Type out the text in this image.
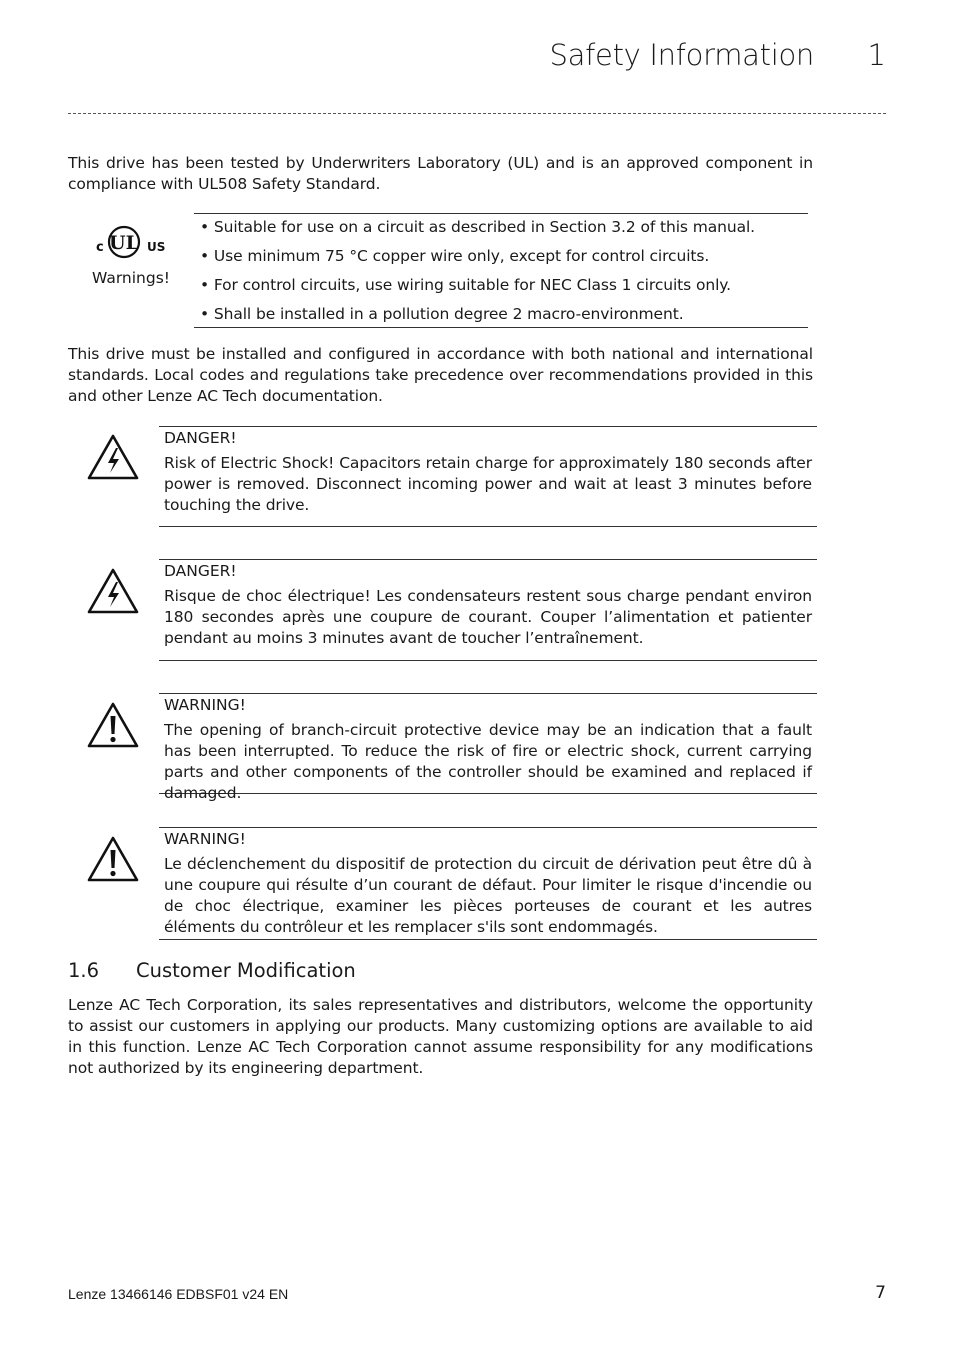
Safety Information 1
This drive has been tested by Underwriters Laboratory (UL) and is an approved component in compliance with UL508 Safety Standard.
c UL US
Warnings!
• Suitable for use on a circuit as described in Section 3.2 of this manual.
• Use minimum 75 °C copper wire only, except for control circuits.
• For control circuits, use wiring suitable for NEC Class 1 circuits only.
• Shall be installed in a pollution degree 2 macro-environment.
This drive must be installed and configured in accordance with both national and international standards. Local codes and regulations take precedence over recommendations provided in this and other Lenze AC Tech documentation.
DANGER!
Risk of Electric Shock! Capacitors retain charge for approximately 180 seconds after power is removed. Disconnect incoming power and wait at least 3 minutes before touching the drive.
DANGER!
Risque de choc électrique! Les condensateurs restent sous charge pendant environ 180 secondes après une coupure de courant. Couper l’alimentation et patienter pendant au moins 3 minutes avant de toucher l’entraînement.
WARNING!
The opening of branch-circuit protective device may be an indication that a fault has been interrupted. To reduce the risk of fire or electric shock, current carrying parts and other components of the controller should be examined and replaced if damaged.
WARNING!
Le déclenchement du dispositif de protection du circuit de dérivation peut être dû à une coupure qui résulte d’un courant de défaut. Pour limiter le risque d'incendie ou de choc électrique, examiner les pièces porteuses de courant et les autres éléments du contrôleur et les remplacer s'ils sont endommagés.
1.6 Customer Modification
Lenze AC Tech Corporation, its sales representatives and distributors, welcome the opportunity to assist our customers in applying our products. Many customizing options are available to aid in this function. Lenze AC Tech Corporation cannot assume responsibility for any modifications not authorized by its engineering department.
Lenze 13466146 EDBSF01 v24 EN	7
